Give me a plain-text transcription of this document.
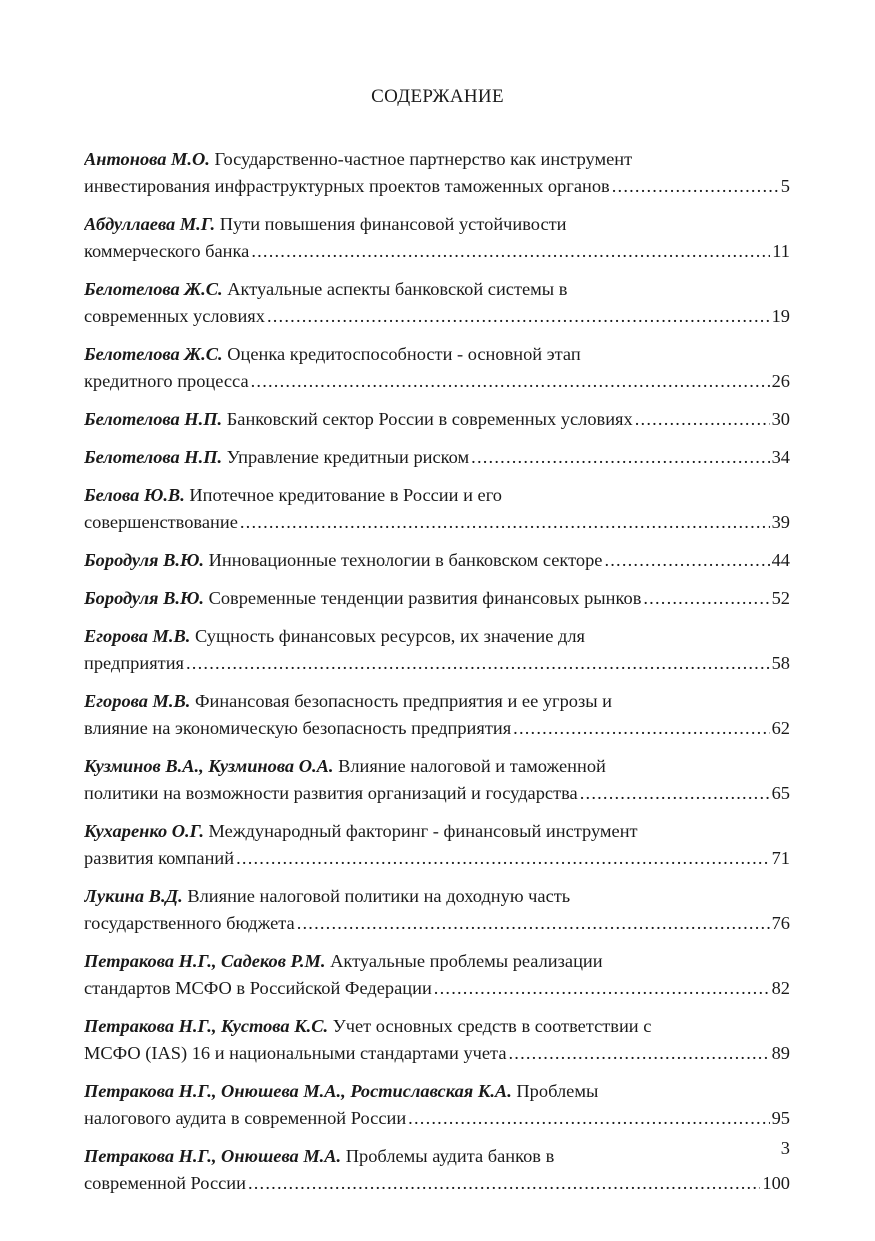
СОДЕРЖАНИЕ
Антонова М.О. Государственно-частное партнерство как инструмент
инвестирования инфраструктурных проектов таможенных органов .....	5
Абдуллаева М.Г. Пути повышения финансовой устойчивости
коммерческого банка .....	11
Белотелова Ж.С. Актуальные аспекты банковской системы в
современных условиях .....	19
Белотелова Ж.С. Оценка кредитоспособности - основной этап
кредитного процесса .....	26
Белотелова Н.П. Банковский сектор России в современных условиях .....	30
Белотелова Н.П. Управление кредитныи риском .....	34
Белова Ю.В. Ипотечное кредитование в России и его
совершенствование .....	39
Бородуля В.Ю. Инновационные технологии в банковском секторе .....	44
Бородуля В.Ю. Современные тенденции развития финансовых рынков .....	52
Егорова М.В. Сущность финансовых ресурсов, их значение для
предприятия .....	58
Егорова М.В. Финансовая безопасность предприятия и ее угрозы и
влияние на экономическую безопасность предприятия .....	62
Кузминов В.А., Кузминова О.А. Влияние налоговой и таможенной
политики на возможности развития организаций и государства .....	65
Кухаренко О.Г. Международный факторинг - финансовый инструмент
развития компаний .....	71
Лукина В.Д. Влияние налоговой политики на доходную часть
государственного бюджета .....	76
Петракова Н.Г., Садеков Р.М. Актуальные проблемы реализации
стандартов МСФО в Российской Федерации .....	82
Петракова Н.Г., Кустова К.С. Учет основных средств в соответствии с
МСФО (IAS) 16 и национальными стандартами учета .....	89
Петракова Н.Г., Онюшева М.А., Ростиславская К.А. Проблемы
налогового аудита в современной России .....	95
Петракова Н.Г., Онюшева М.А. Проблемы аудита банков в
современной России .....	100
3
